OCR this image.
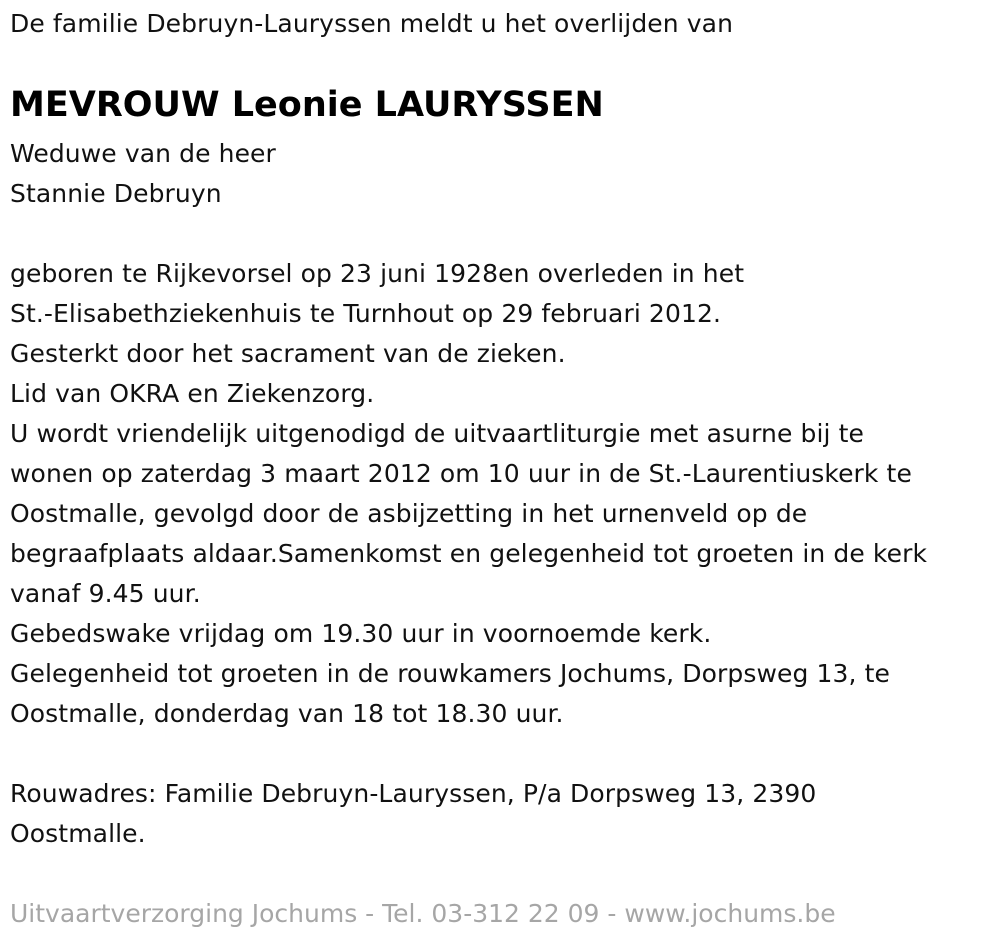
De familie Debruyn-Lauryssen meldt u het overlijden van
MEVROUW Leonie LAURYSSEN
Weduwe van de heer
Stannie Debruyn
geboren te Rijkevorsel op 23 juni 1928en overleden in het
St.-Elisabethziekenhuis te Turnhout op 29 februari 2012.
Gesterkt door het sacrament van de zieken.
Lid van OKRA en Ziekenzorg.
U wordt vriendelijk uitgenodigd de uitvaartliturgie met asurne bij te
wonen op zaterdag 3 maart 2012 om 10 uur in de St.-Laurentiuskerk te
Oostmalle, gevolgd door de asbijzetting in het urnenveld op de
begraafplaats aldaar.Samenkomst en gelegenheid tot groeten in de kerk
vanaf 9.45 uur.
Gebedswake vrijdag om 19.30 uur in voornoemde kerk.
Gelegenheid tot groeten in de rouwkamers Jochums, Dorpsweg 13, te
Oostmalle, donderdag van 18 tot 18.30 uur.
Rouwadres: Familie Debruyn-Lauryssen, P/a Dorpsweg 13, 2390
Oostmalle.
Uitvaartverzorging Jochums - Tel. 03-312 22 09 - www.jochums.be
